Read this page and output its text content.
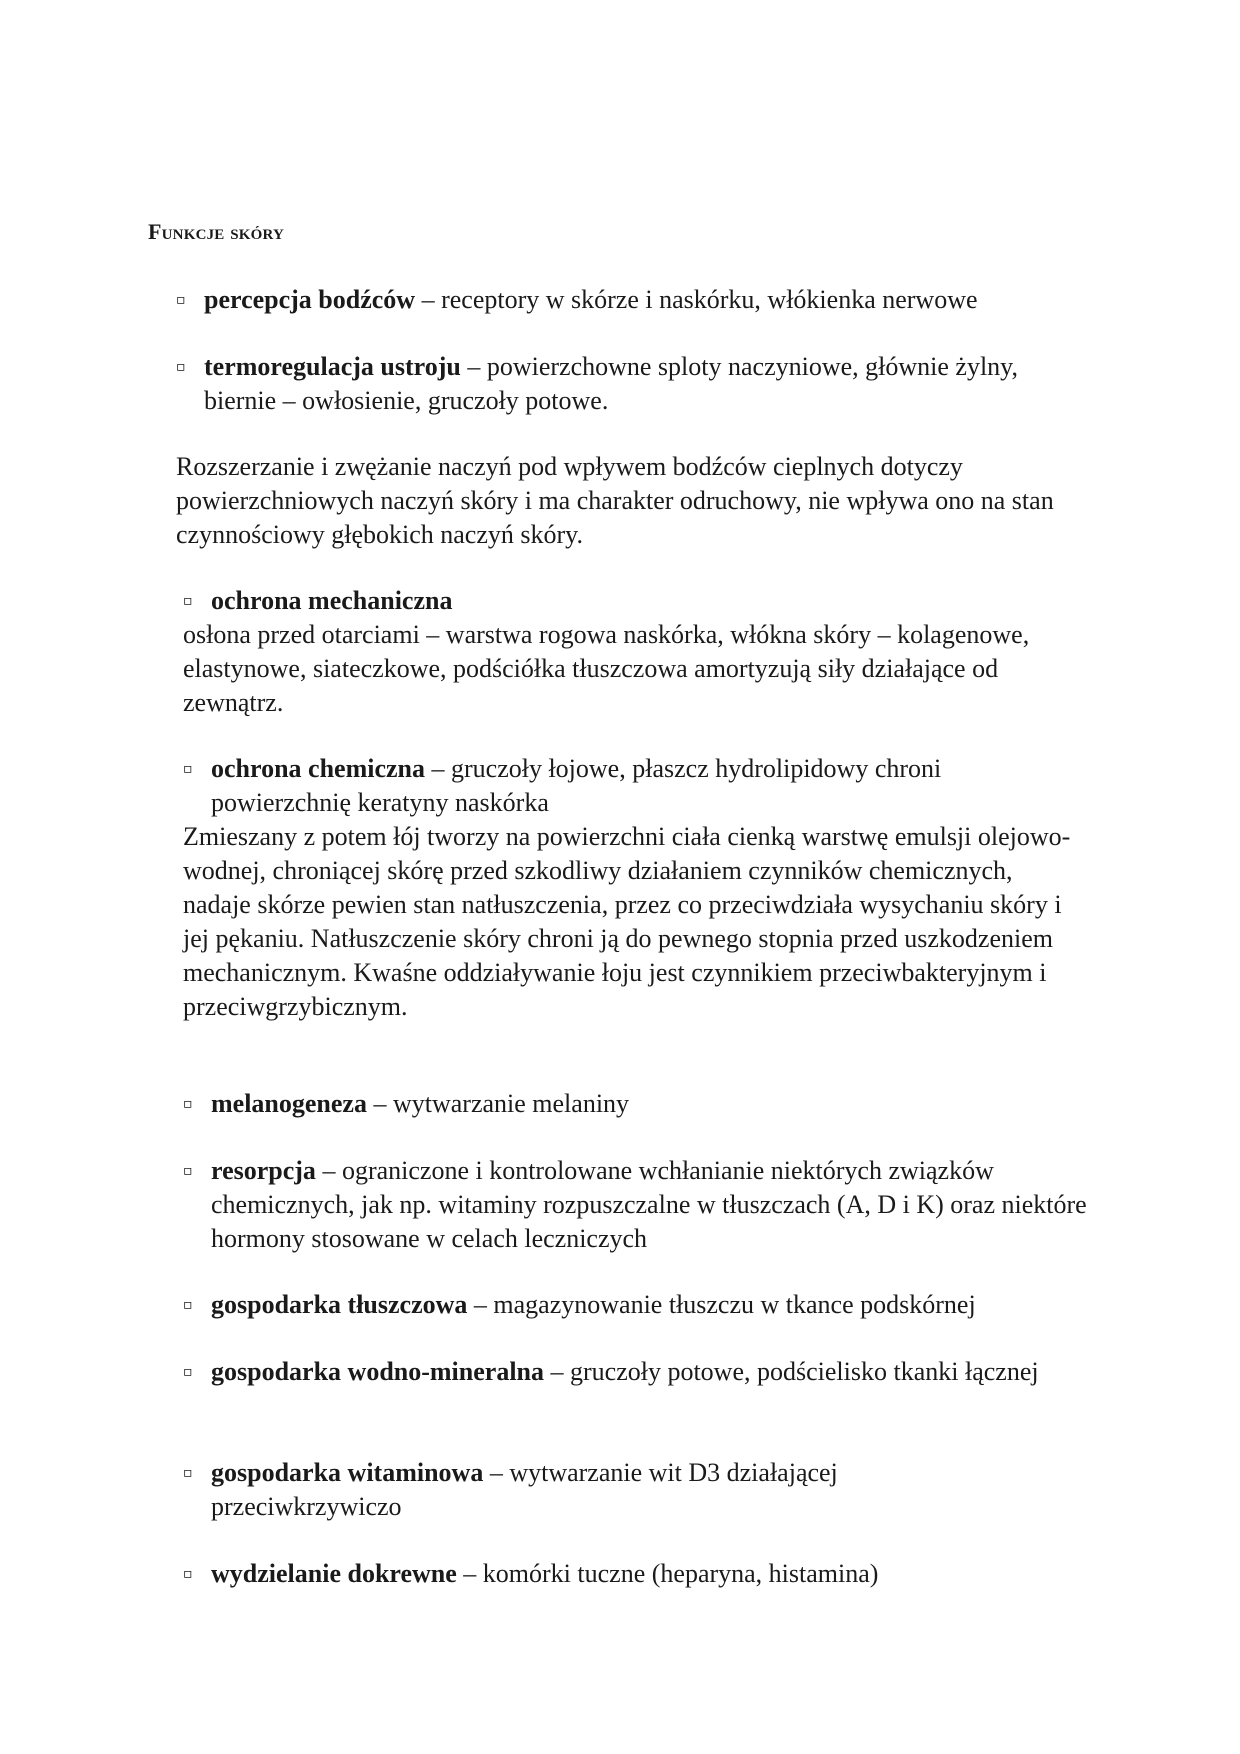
Funkcje skóry
▫ percepcja bodźców – receptory w skórze i naskórku, włókienka nerwowe
▫ termoregulacja ustroju – powierzchowne sploty naczyniowe, głównie żylny, biernie – owłosienie, gruczoły potowe.
Rozszerzanie i zwężanie naczyń pod wpływem bodźców cieplnych dotyczy powierzchniowych naczyń skóry i ma charakter odruchowy, nie wpływa ono na stan czynnościowy głębokich naczyń skóry.
▫ ochrona mechaniczna
osłona przed otarciami – warstwa rogowa naskórka, włókna skóry – kolagenowe, elastynowe, siateczkowe, podściółka tłuszczowa amortyzują siły działające od zewnątrz.
▫ ochrona chemiczna – gruczoły łojowe, płaszcz hydrolipidowy chroni powierzchnię keratyny naskórka
Zmieszany z potem łój tworzy na powierzchni ciała cienką warstwę emulsji olejowo-wodnej, chroniącej skórę przed szkodliwy działaniem czynników chemicznych, nadaje skórze pewien stan natłuszczenia, przez co przeciwdziała wysychaniu skóry i jej pękaniu. Natłuszczenie skóry chroni ją do pewnego stopnia przed uszkodzeniem mechanicznym. Kwaśne oddziaływanie łoju jest czynnikiem przeciwbakteryjnym i przeciwgrzybicznym.
▫ melanogeneza – wytwarzanie melaniny
▫ resorpcja – ograniczone i kontrolowane wchłanianie niektórych związków chemicznych, jak np. witaminy rozpuszczalne w tłuszczach (A, D i K) oraz niektóre hormony stosowane w celach leczniczych
▫ gospodarka tłuszczowa – magazynowanie tłuszczu w tkance podskórnej
▫ gospodarka wodno-mineralna – gruczoły potowe, podścielisko tkanki łącznej
▫ gospodarka witaminowa – wytwarzanie wit D3 działającej przeciwkrzywiczo
▫ wydzielanie dokrewne – komórki tuczne (heparyna, histamina)
